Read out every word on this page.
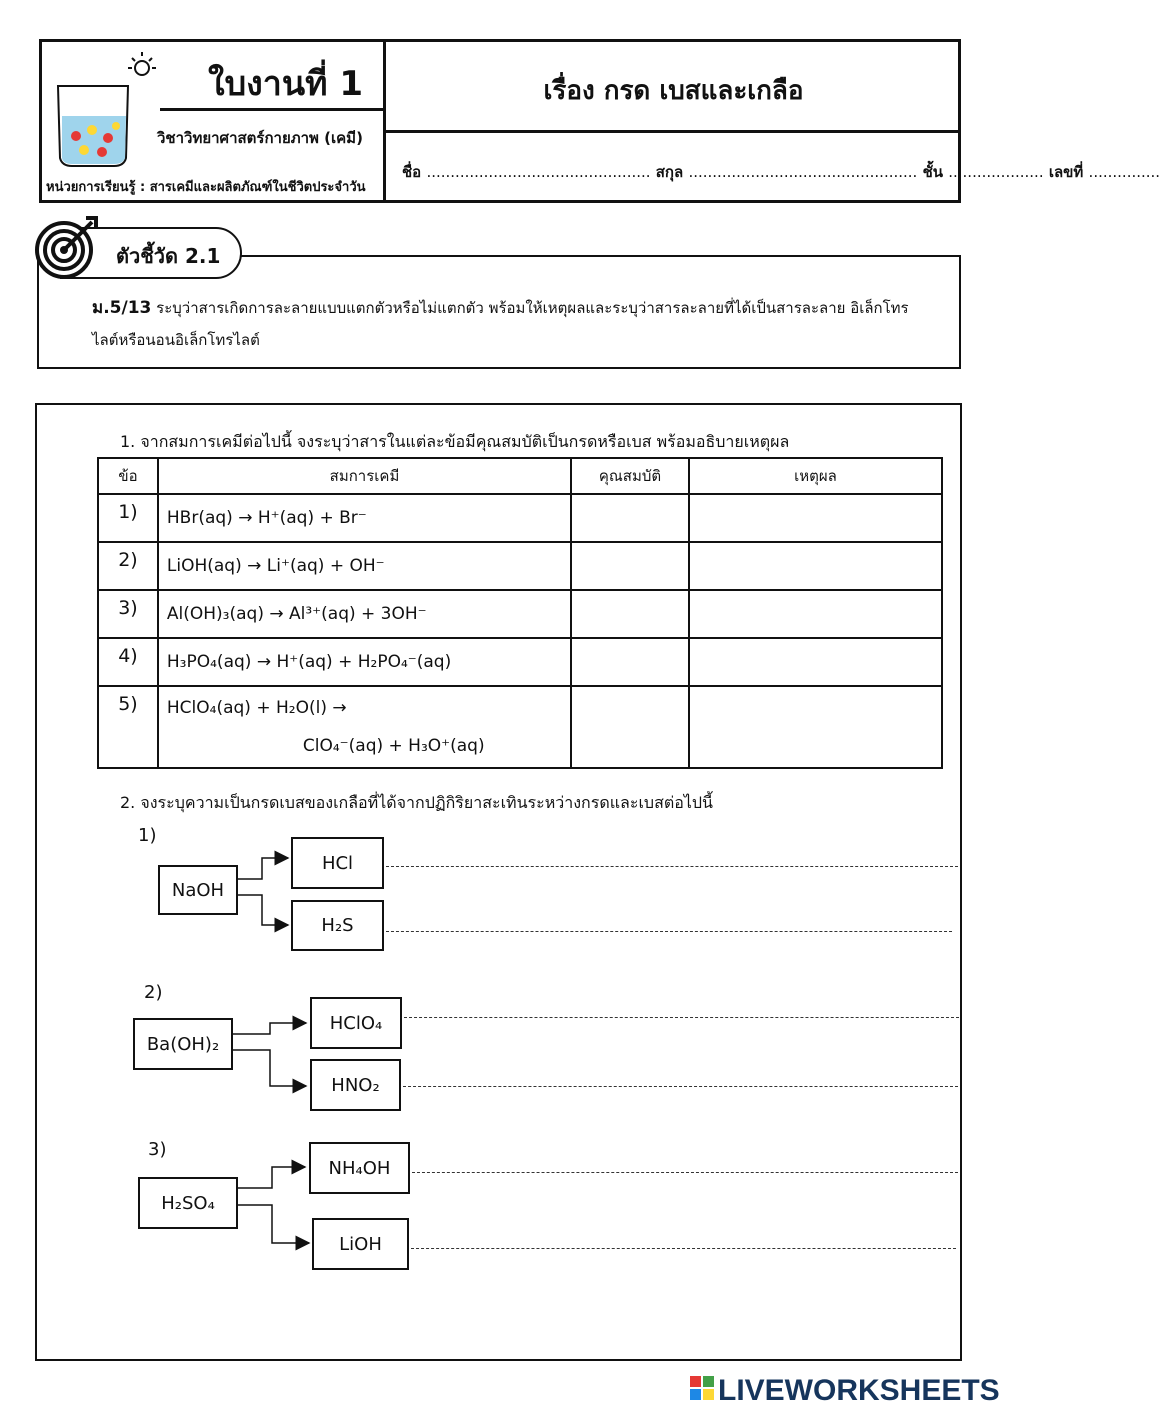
ใบงานที่ 1
วิชาวิทยาศาสตร์กายภาพ (เคมี)
หน่วยการเรียนรู้ : สารเคมีและผลิตภัณฑ์ในชีวิตประจำวัน
เรื่อง กรด เบสและเกลือ
ชื่อ ............................................... สกุล ................................................ ชั้น .................... เลขที่ ...............
ตัวชี้วัด 2.1
ม.5/13 ระบุว่าสารเกิดการละลายแบบแตกตัวหรือไม่แตกตัว พร้อมให้เหตุผลและระบุว่าสารละลายที่ได้เป็นสารละลาย อิเล็กโทรไลต์หรือนอนอิเล็กโทรไลต์
1. จากสมการเคมีต่อไปนี้ จงระบุว่าสารในแต่ละข้อมีคุณสมบัติเป็นกรดหรือเบส พร้อมอธิบายเหตุผล
ข้อ	สมการเคมี	คุณสมบัติ	เหตุผล
1)	HBr(aq) → H⁺(aq) + Br⁻		
2)	LiOH(aq) → Li⁺(aq) + OH⁻		
3)	Al(OH)₃(aq) → Al³⁺(aq) + 3OH⁻		
4)	H₃PO₄(aq) → H⁺(aq) + H₂PO₄⁻(aq)		
5)	HClO₄(aq) + H₂O(l) →
ClO₄⁻(aq) + H₃O⁺(aq)		

2. จงระบุความเป็นกรดเบสของเกลือที่ได้จากปฏิกิริยาสะเทินระหว่างกรดและเบสต่อไปนี้
1)
NaOH
HCl
H₂S
2)
Ba(OH)₂
HClO₄
HNO₂
3)
H₂SO₄
NH₄OH
LiOH
LIVEWORKSHEETS
